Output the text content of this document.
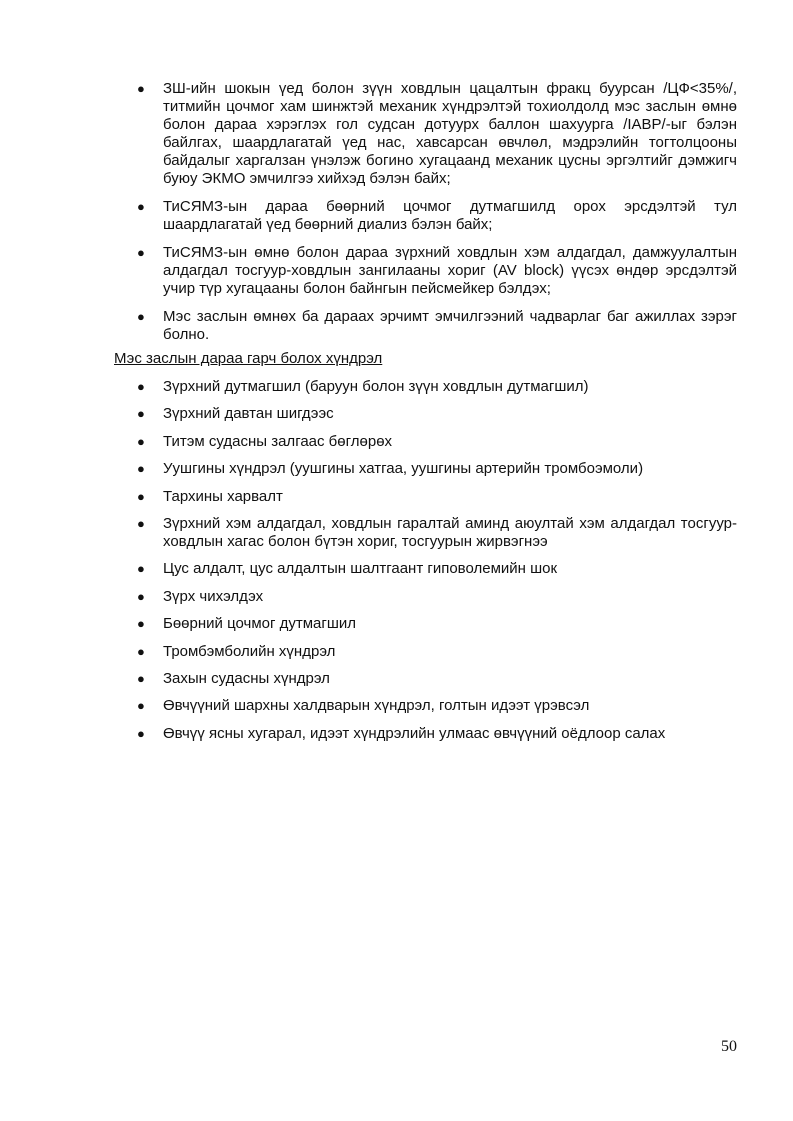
● ЗШ-ийн шокын үед болон зүүн ховдлын цацалтын фракц буурсан /ЦФ<35%/, титмийн цочмог хам шинжтэй механик хүндрэлтэй тохиолдолд мэс заслын өмнө болон дараа хэрэглэх гол судсан дотуурх баллон шахуурга /IABP/-ыг бэлэн байлгах, шаардлагатай үед нас, хавсарсан өвчлөл, мэдрэлийн тогтолцооны байдалыг харгалзан үнэлэж богино хугацаанд механик цусны эргэлтийг дэмжигч буюу ЭКМО эмчилгээ хийхэд бэлэн байх;
● ТиСЯМЗ-ын дараа бөөрний цочмог дутмагшилд орох эрсдэлтэй тул шаардлагатай үед бөөрний диализ бэлэн байх;
● ТиСЯМЗ-ын өмнө болон дараа зүрхний ховдлын хэм алдагдал, дамжуулалтын алдагдал тосгуур-ховдлын зангилааны хориг (AV block) үүсэх өндөр эрсдэлтэй учир түр хугацааны болон байнгын пейсмейкер бэлдэх;
● Мэс заслын өмнөх ба дараах эрчимт эмчилгээний чадварлаг баг ажиллах зэрэг болно.
Мэс заслын дараа гарч болох хүндрэл
● Зүрхний дутмагшил (баруун болон зүүн ховдлын дутмагшил)
● Зүрхний давтан шигдээс
● Титэм судасны залгаас бөглөрөх
● Уушгины хүндрэл (уушгины хатгаа, уушгины артерийн тромбоэмоли)
● Тархины харвалт
● Зүрхний хэм алдагдал, ховдлын гаралтай аминд аюултай хэм алдагдал тосгуур-ховдлын хагас болон бүтэн хориг, тосгуурын жирвэгнээ
● Цус алдалт, цус алдалтын шалтгаант гиповолемийн шок
● Зүрх чихэлдэх
● Бөөрний цочмог дутмагшил
● Тромбэмболийн хүндрэл
● Захын судасны хүндрэл
● Өвчүүний шархны халдварын хүндрэл, голтын идээт үрэвсэл
● Өвчүү ясны хугарал, идээт хүндрэлийн улмаас өвчүүний оёдлоор салах
50
